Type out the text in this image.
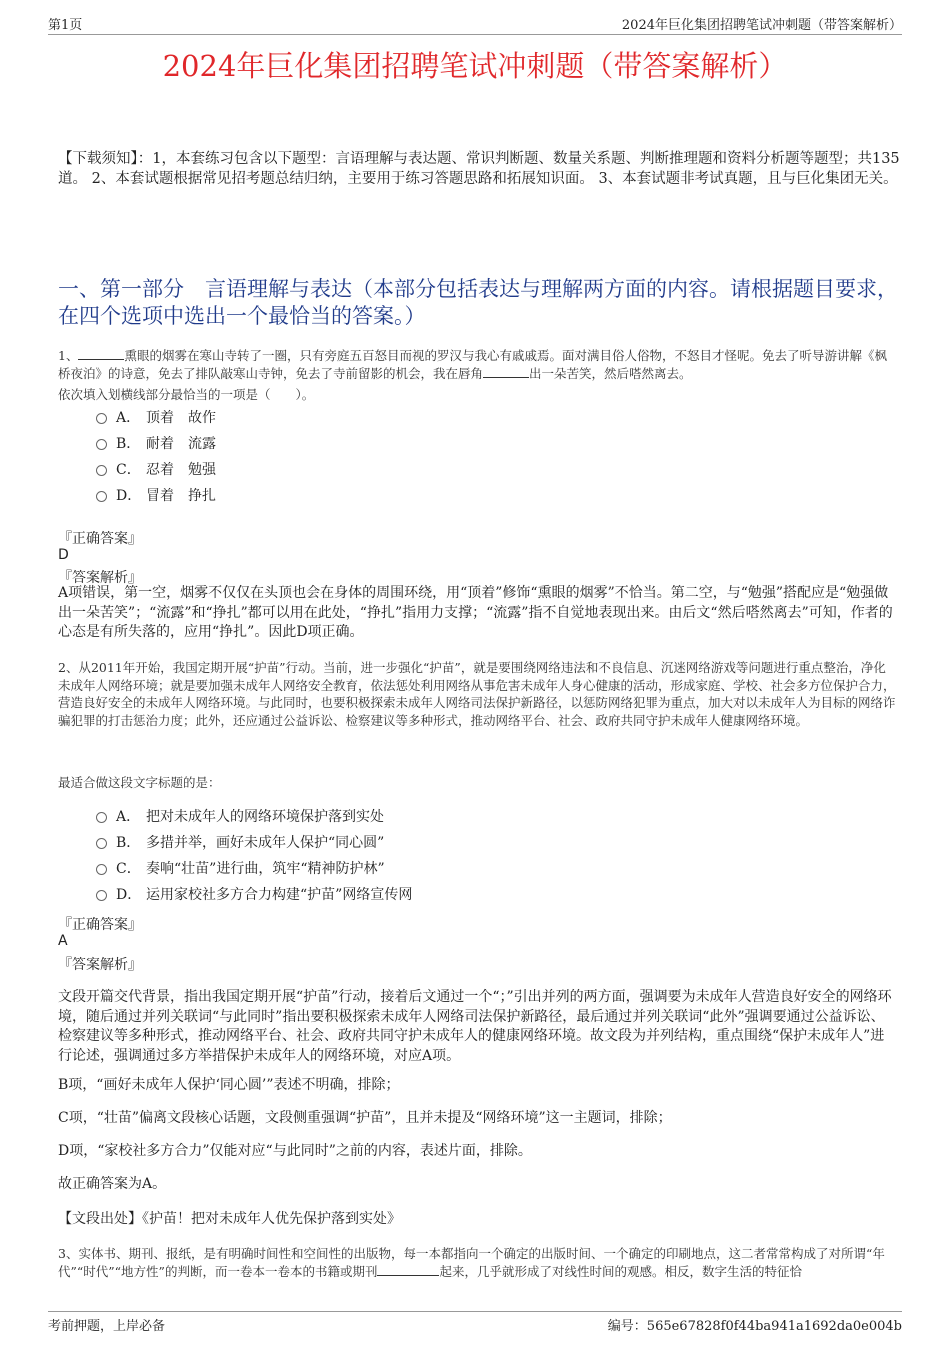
第1页	2024年巨化集团招聘笔试冲刺题（带答案解析）
2024年巨化集团招聘笔试冲刺题（带答案解析）
【下载须知】：1，本套练习包含以下题型：言语理解与表达题、常识判断题、数量关系题、判断推理题和资料分析题等题型；共135道。 2、本套试题根据常见招考题总结归纳，主要用于练习答题思路和拓展知识面。 3、本套试题非考试真题，且与巨化集团无关。
一、第一部分　言语理解与表达（本部分包括表达与理解两方面的内容。请根据题目要求，在四个选项中选出一个最恰当的答案。）
1、	熏眼的烟雾在寒山寺转了一圈，只有旁庭五百怒目而视的罗汉与我心有戚戚焉。面对满目俗人俗物，不怒目才怪呢。免去了听导游讲解《枫桥夜泊》的诗意，免去了排队敲寒山寺钟，免去了寺前留影的机会，我在唇角	出一朵苦笑，然后嗒然离去。
依次填入划横线部分最恰当的一项是（　　）。
A． 顶着　故作
B． 耐着　流露
C． 忍着　勉强
D． 冒着　挣扎
『正确答案』
D
『答案解析』
A项错误，第一空，烟雾不仅仅在头顶也会在身体的周围环绕，用“顶着”修饰“熏眼的烟雾”不恰当。第二空，与“勉强”搭配应是“勉强做出一朵苦笑”；“流露”和“挣扎”都可以用在此处，“挣扎”指用力支撑；“流露”指不自觉地表现出来。由后文“然后嗒然离去”可知，作者的心态是有所失落的，应用“挣扎”。因此D项正确。
2、从2011年开始，我国定期开展“护苗”行动。当前，进一步强化“护苗”，就是要围绕网络违法和不良信息、沉迷网络游戏等问题进行重点整治，净化未成年人网络环境；就是要加强未成年人网络安全教育，依法惩处利用网络从事危害未成年人身心健康的活动，形成家庭、学校、社会多方位保护合力，营造良好安全的未成年人网络环境。与此同时，也要积极探索未成年人网络司法保护新路径，以惩防网络犯罪为重点，加大对以未成年人为目标的网络诈骗犯罪的打击惩治力度；此外，还应通过公益诉讼、检察建议等多种形式，推动网络平台、社会、政府共同守护未成年人健康网络环境。
最适合做这段文字标题的是：
A． 把对未成年人的网络环境保护落到实处
B． 多措并举，画好未成年人保护“同心圆”
C． 奏响“壮苗”进行曲，筑牢“精神防护林”
D． 运用家校社多方合力构建“护苗”网络宣传网
『正确答案』
A
『答案解析』
文段开篇交代背景，指出我国定期开展“护苗”行动，接着后文通过一个“；”引出并列的两方面，强调要为未成年人营造良好安全的网络环境，随后通过并列关联词“与此同时”指出要积极探索未成年人网络司法保护新路径，最后通过并列关联词“此外”强调要通过公益诉讼、检察建议等多种形式，推动网络平台、社会、政府共同守护未成年人的健康网络环境。故文段为并列结构，重点围绕“保护未成年人”进行论述，强调通过多方举措保护未成年人的网络环境，对应A项。
B项，“画好未成年人保护‘同心圆’”表述不明确，排除；
C项，“壮苗”偏离文段核心话题，文段侧重强调“护苗”，且并未提及“网络环境”这一主题词，排除；
D项，“家校社多方合力”仅能对应“与此同时”之前的内容，表述片面，排除。
故正确答案为A。
【文段出处】《护苗！把对未成年人优先保护落到实处》
3、实体书、期刊、报纸，是有明确时间性和空间性的出版物，每一本都指向一个确定的出版时间、一个确定的印刷地点，这二者常常构成了对所谓“年代”“时代”“地方性”的判断，而一卷本一卷本的书籍或期刊	起来，几乎就形成了对线性时间的观感。相反，数字生活的特征恰
考前押题，上岸必备	编号：565e67828f0f44ba941a1692da0e004b
